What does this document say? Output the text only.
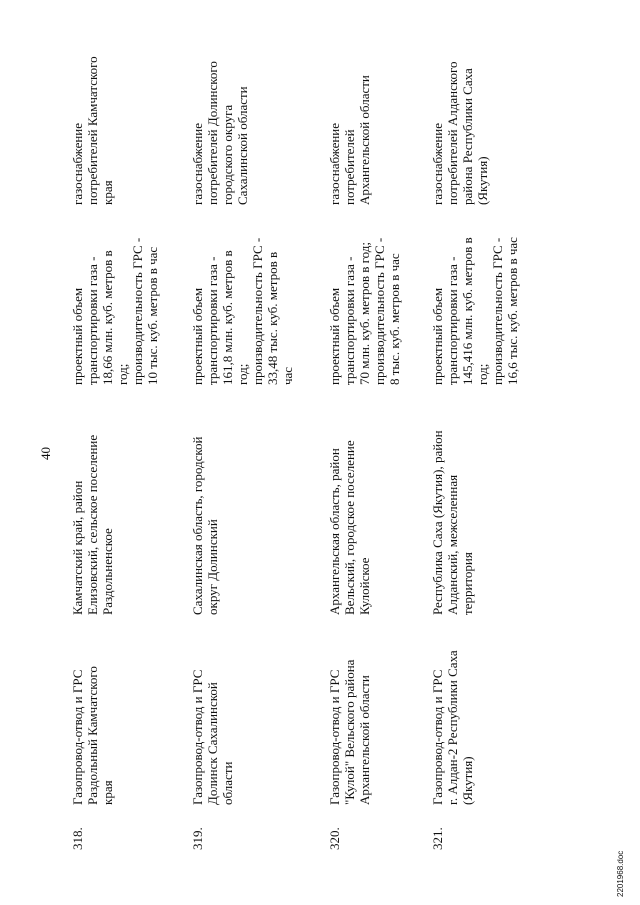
40
318.
Газопровод-отвод и ГРС Раздольный Камчатского края
Камчатский край, район Елизовский, сельское поселение Раздольненское
проектный объем транспортировки газа - 18,66 млн. куб. метров в год; производительность ГРС - 10 тыс. куб. метров в час
газоснабжение потребителей Камчатского края
319.
Газопровод-отвод и ГРС Долинск Сахалинской области
Сахалинская область, городской округ Долинский
проектный объем транспортировки газа - 161,8 млн. куб. метров в год; производительность ГРС - 33,48 тыс. куб. метров в час
газоснабжение потребителей Долинского городского округа Сахалинской области
320.
Газопровод-отвод и ГРС "Кулой" Вельского района Архангельской области
Архангельская область, район Вельский, городское поселение Кулойское
проектный объем транспортировки газа - 70 млн. куб. метров в год; производительность ГРС - 8 тыс. куб. метров в час
газоснабжение потребителей Архангельской области
321.
Газопровод-отвод и ГРС г. Алдан-2 Республики Саха (Якутия)
Республика Саха (Якутия), район Алданский, межселенная территория
проектный объем транспортировки газа - 145,416 млн. куб. метров в год; производительность ГРС - 16,6 тыс. куб. метров в час
газоснабжение потребителей Алданского района Республики Саха (Якутия)
2201968.doc
